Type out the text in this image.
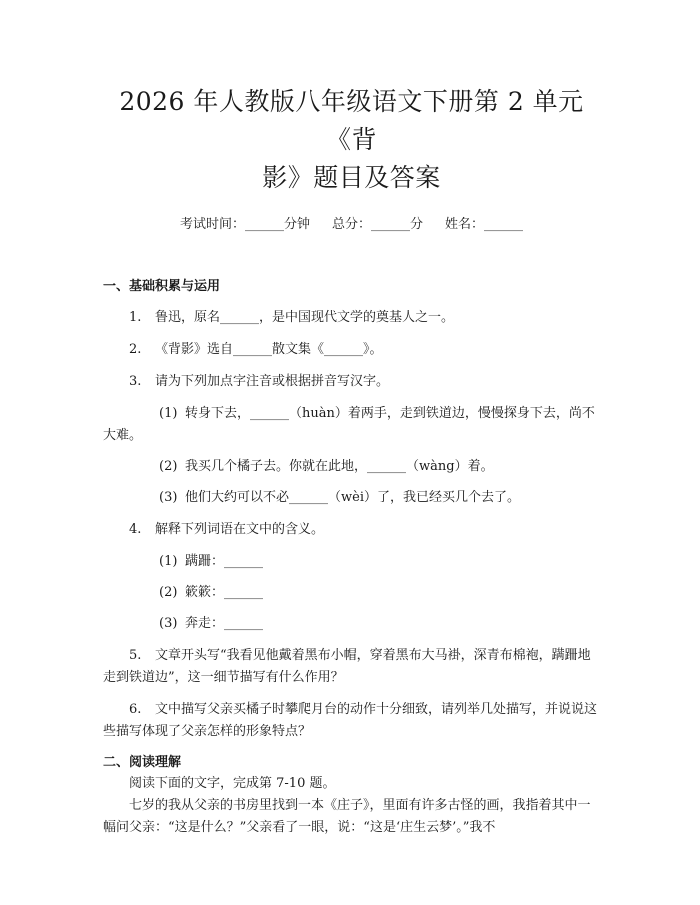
2026 年人教版八年级语文下册第 2 单元《背
影》题目及答案
考试时间：______分钟 总分：______分 姓名：______
一、基础积累与运用

1. 鲁迅，原名______，是中国现代文学的奠基人之一。

2. 《背影》选自______散文集《______》。

3. 请为下列加点字注音或根据拼音写汉字。

(1) 转身下去，______（huàn）着两手，走到铁道边，慢慢探身下去，尚不大难。

(2) 我买几个橘子去。你就在此地，______（wàng）着。

(3) 他们大约可以不必______（wèi）了，我已经买几个去了。

4. 解释下列词语在文中的含义。

(1) 蹒跚：______

(2) 簌簌：______

(3) 奔走：______

5. 文章开头写“我看见他戴着黑布小帽，穿着黑布大马褂，深青布棉袍，蹒跚地走到铁道边”，这一细节描写有什么作用？

6. 文中描写父亲买橘子时攀爬月台的动作十分细致，请列举几处描写，并说说这些描写体现了父亲怎样的形象特点？

二、阅读理解

阅读下面的文字，完成第 7-10 题。

七岁的我从父亲的书房里找到一本《庄子》，里面有许多古怪的画，我指着其中一幅问父亲：“这是什么？”父亲看了一眼，说：“这是‘庄生云梦’。”我不
